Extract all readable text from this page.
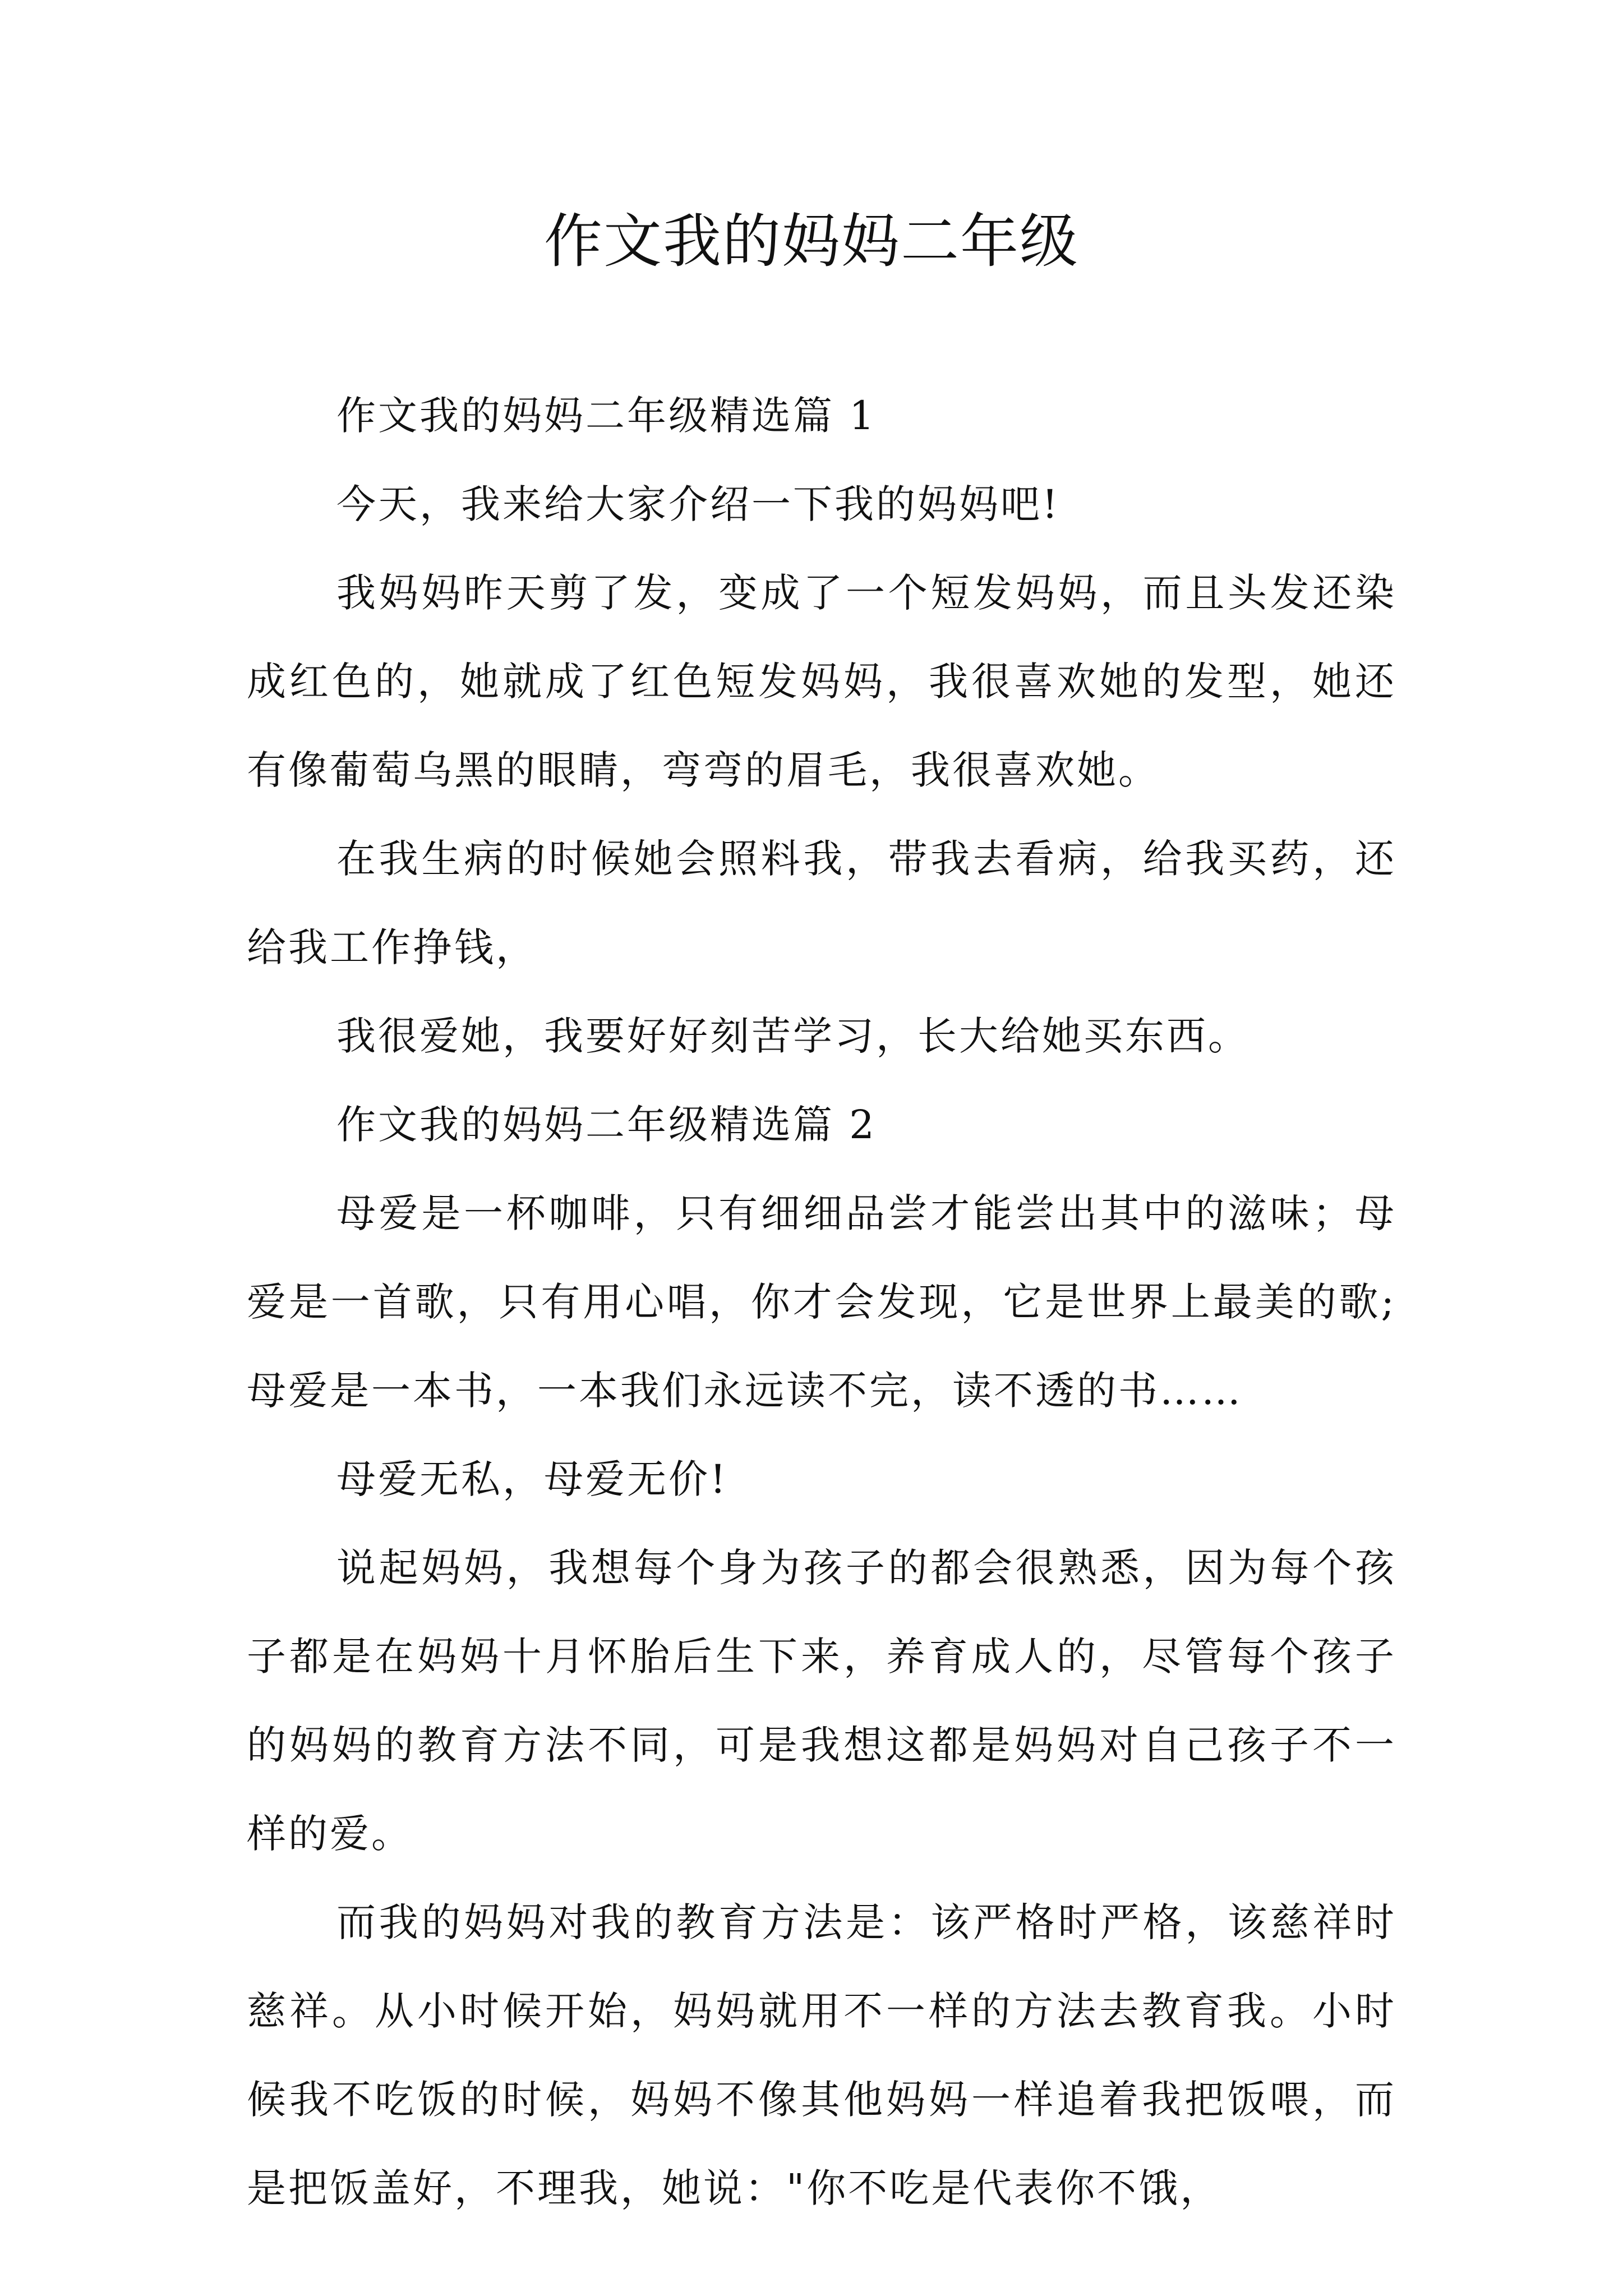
作文我的妈妈二年级

作文我的妈妈二年级精选篇 1

今天，我来给大家介绍一下我的妈妈吧!

我妈妈昨天剪了发，变成了一个短发妈妈，而且头发还染成红色的，她就成了红色短发妈妈，我很喜欢她的发型，她还有像葡萄乌黑的眼睛，弯弯的眉毛，我很喜欢她。

在我生病的时候她会照料我，带我去看病，给我买药，还给我工作挣钱，

我很爱她，我要好好刻苦学习，长大给她买东西。

作文我的妈妈二年级精选篇 2

母爱是一杯咖啡，只有细细品尝才能尝出其中的滋味；母爱是一首歌，只有用心唱，你才会发现，它是世界上最美的歌;母爱是一本书，一本我们永远读不完，读不透的书……

母爱无私，母爱无价!

说起妈妈，我想每个身为孩子的都会很熟悉，因为每个孩子都是在妈妈十月怀胎后生下来，养育成人的，尽管每个孩子的妈妈的教育方法不同，可是我想这都是妈妈对自己孩子不一样的爱。

而我的妈妈对我的教育方法是：该严格时严格，该慈祥时慈祥。从小时候开始，妈妈就用不一样的方法去教育我。小时候我不吃饭的时候，妈妈不像其他妈妈一样追着我把饭喂，而是把饭盖好，不理我，她说："你不吃是代表你不饿，
